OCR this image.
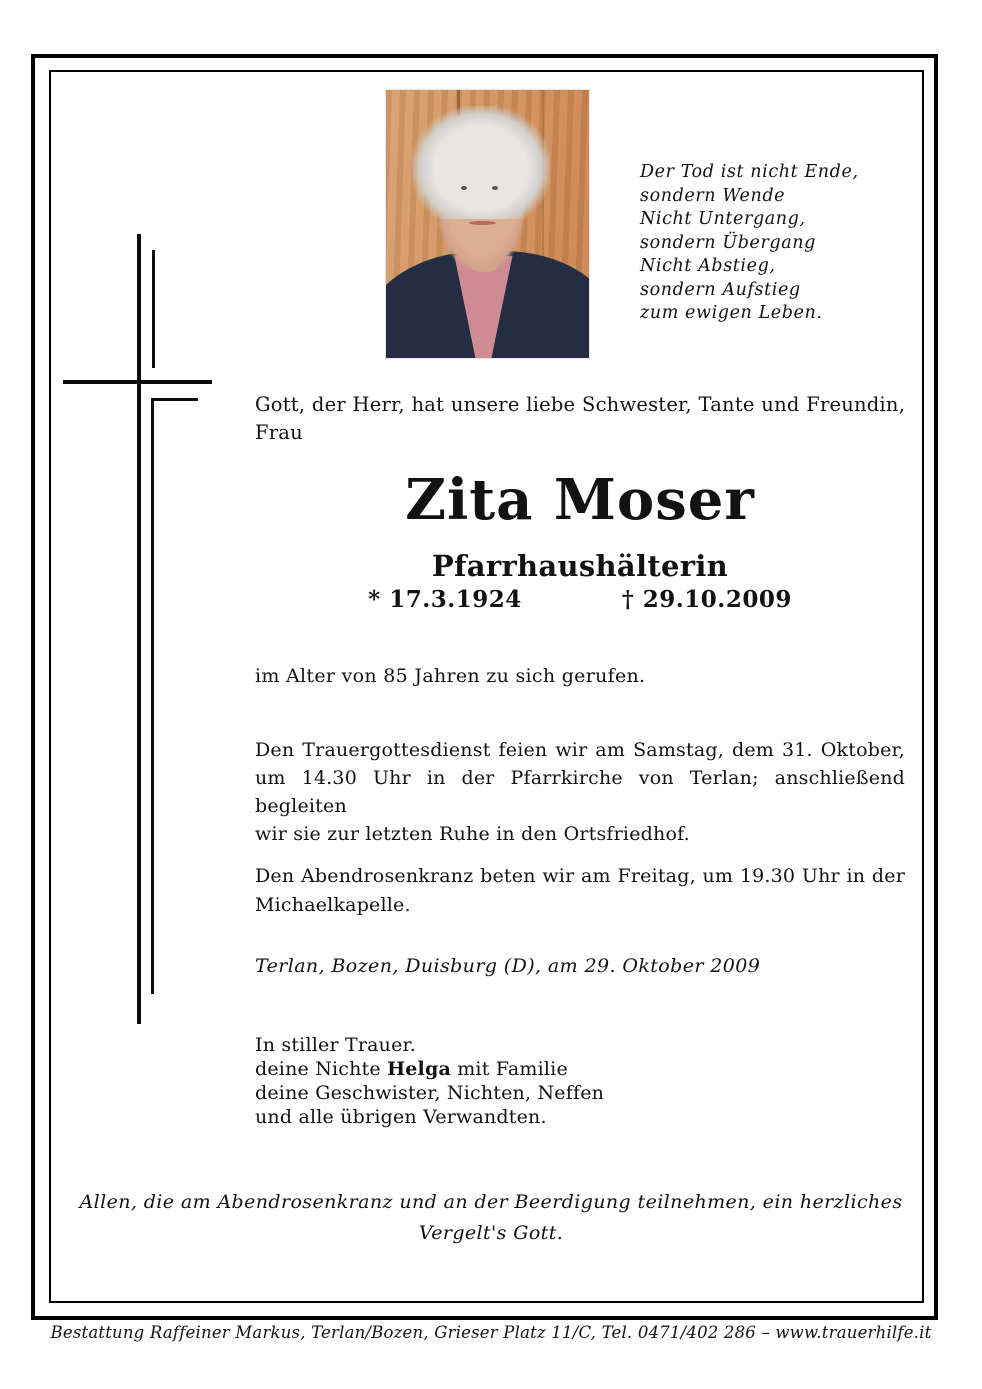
Der Tod ist nicht Ende,
sondern Wende
Nicht Untergang,
sondern Übergang
Nicht Abstieg,
sondern Aufstieg
zum ewigen Leben.
Gott, der Herr, hat unsere liebe Schwester, Tante und Freundin,
Frau
Zita Moser
Pfarrhaushälterin
* 17.3.1924	† 29.10.2009
im Alter von 85 Jahren zu sich gerufen.
Den Trauergottesdienst feien wir am Samstag, dem 31. Oktober,
um 14.30 Uhr in der Pfarrkirche von Terlan; anschließend begleiten
wir sie zur letzten Ruhe in den Ortsfriedhof.
Den Abendrosenkranz beten wir am Freitag, um 19.30 Uhr in der
Michaelkapelle.
Terlan, Bozen, Duisburg (D), am 29. Oktober 2009
In stiller Trauer.
deine Nichte Helga mit Familie
deine Geschwister, Nichten, Neffen
und alle übrigen Verwandten.
Allen, die am Abendrosenkranz und an der Beerdigung teilnehmen, ein herzliches
Vergelt's Gott.
Bestattung Raffeiner Markus, Terlan/Bozen, Grieser Platz 11/C, Tel. 0471/402 286 – www.trauerhilfe.it
